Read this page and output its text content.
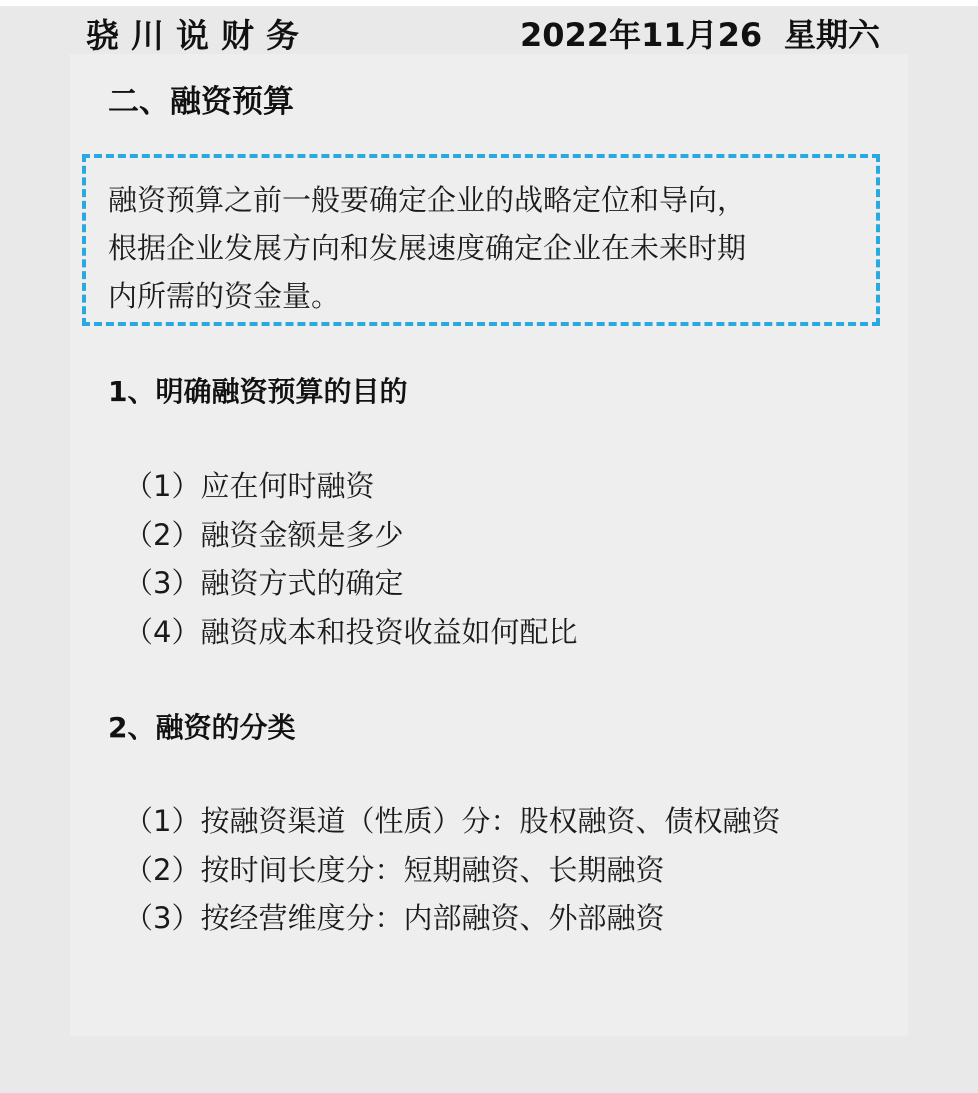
骁川说财务	2022年11月26 星期六
二、融资预算
融资预算之前一般要确定企业的战略定位和导向，
根据企业发展方向和发展速度确定企业在未来时期
内所需的资金量。
1、明确融资预算的目的
（1）应在何时融资
（2）融资金额是多少
（3）融资方式的确定
（4）融资成本和投资收益如何配比
2、融资的分类
（1）按融资渠道（性质）分：股权融资、债权融资
（2）按时间长度分：短期融资、长期融资
（3）按经营维度分：内部融资、外部融资
